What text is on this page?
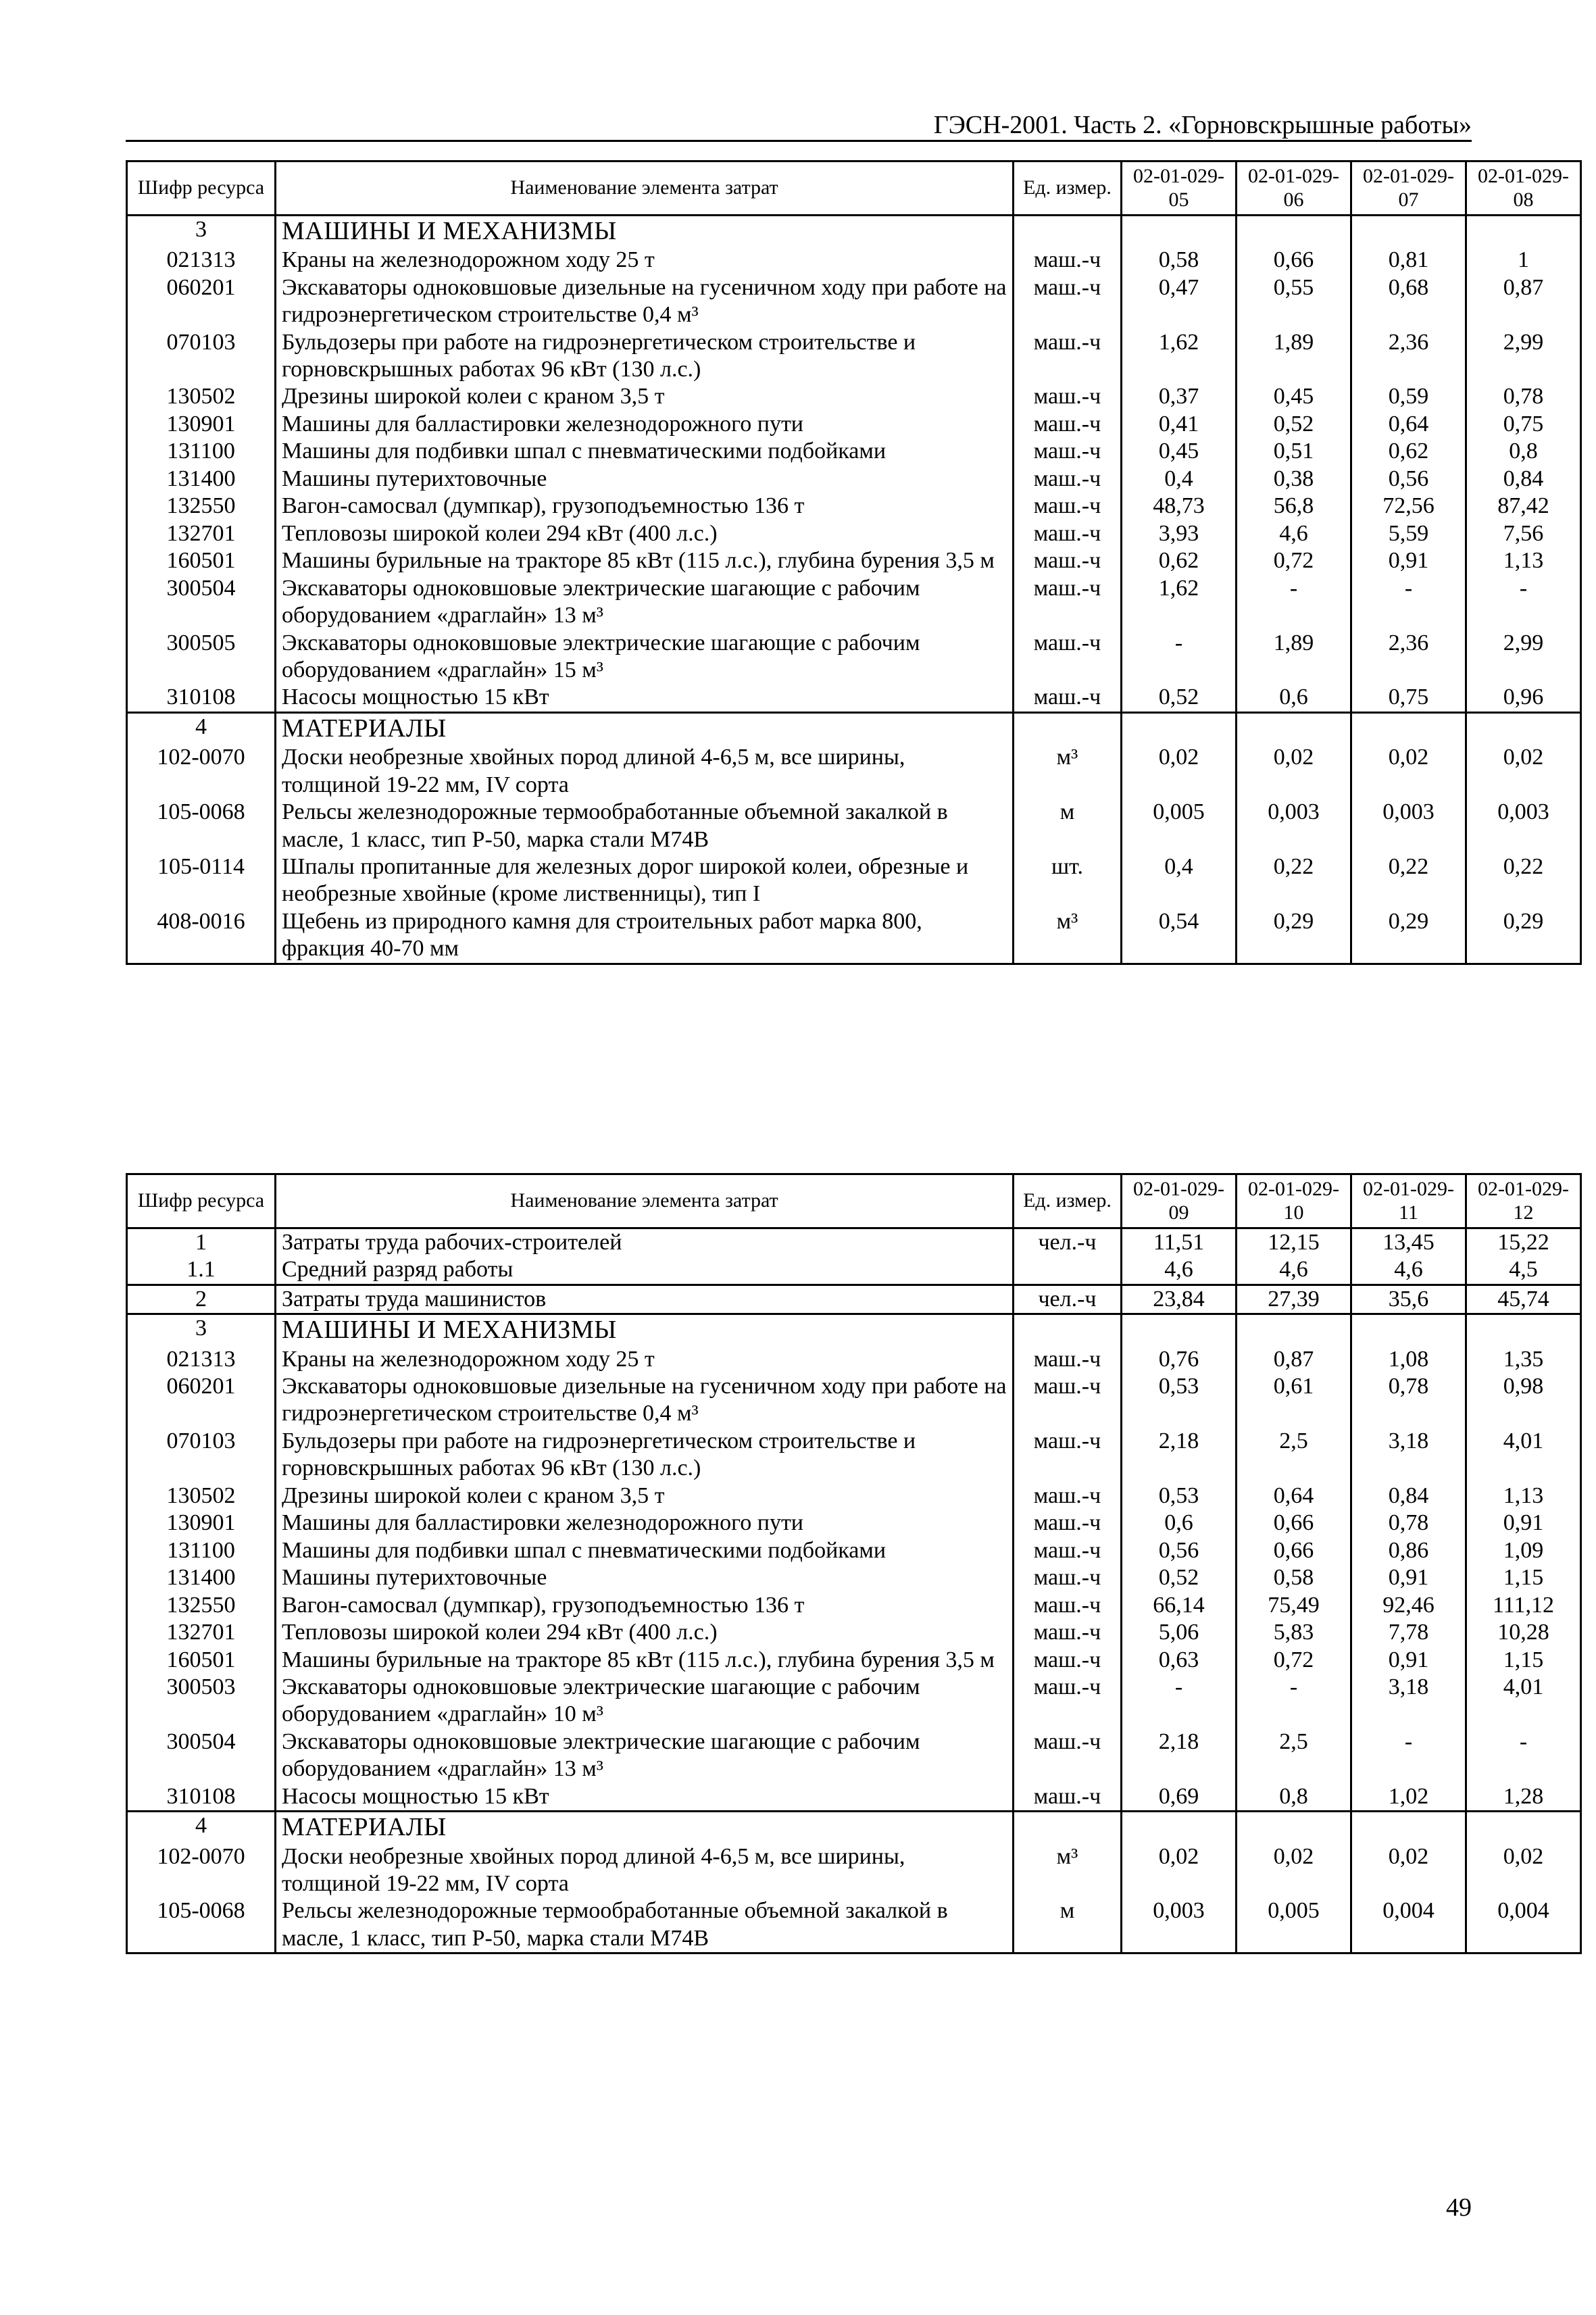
ГЭСН-2001. Часть 2. «Горновскрышные работы»
Шифр ресурса	Наименование элемента затрат	Ед. измер.	02-01-029-05	02-01-029-06	02-01-029-07	02-01-029-08
3	МАШИНЫ И МЕХАНИЗМЫ					
021313	Краны на железнодорожном ходу 25 т	маш.-ч	0,58	0,66	0,81	1
060201	Экскаваторы одноковшовые дизельные на гусеничном ходу при работе на гидроэнергетическом строительстве 0,4 м³	маш.-ч	0,47	0,55	0,68	0,87
070103	Бульдозеры при работе на гидроэнергетическом строительстве и горновскрышных работах 96 кВт (130 л.с.)	маш.-ч	1,62	1,89	2,36	2,99
130502	Дрезины широкой колеи с краном 3,5 т	маш.-ч	0,37	0,45	0,59	0,78
130901	Машины для балластировки железнодорожного пути	маш.-ч	0,41	0,52	0,64	0,75
131100	Машины для подбивки шпал с пневматическими подбойками	маш.-ч	0,45	0,51	0,62	0,8
131400	Машины путерихтовочные	маш.-ч	0,4	0,38	0,56	0,84
132550	Вагон-самосвал (думпкар), грузоподъемностью 136 т	маш.-ч	48,73	56,8	72,56	87,42
132701	Тепловозы широкой колеи 294 кВт (400 л.с.)	маш.-ч	3,93	4,6	5,59	7,56
160501	Машины бурильные на тракторе 85 кВт (115 л.с.), глубина бурения 3,5 м	маш.-ч	0,62	0,72	0,91	1,13
300504	Экскаваторы одноковшовые электрические шагающие с рабочим оборудованием «драглайн» 13 м³	маш.-ч	1,62	-	-	-
300505	Экскаваторы одноковшовые электрические шагающие с рабочим оборудованием «драглайн» 15 м³	маш.-ч	-	1,89	2,36	2,99
310108	Насосы мощностью 15 кВт	маш.-ч	0,52	0,6	0,75	0,96
4	МАТЕРИАЛЫ					
102-0070	Доски необрезные хвойных пород длиной 4-6,5 м, все ширины, толщиной 19-22 мм, IV сорта	м³	0,02	0,02	0,02	0,02
105-0068	Рельсы железнодорожные термообработанные объемной закалкой в масле, 1 класс, тип Р-50, марка стали М74В	м	0,005	0,003	0,003	0,003
105-0114	Шпалы пропитанные для железных дорог широкой колеи, обрезные и необрезные хвойные (кроме лиственницы), тип I	шт.	0,4	0,22	0,22	0,22
408-0016	Щебень из природного камня для строительных работ марка 800, фракция 40-70 мм	м³	0,54	0,29	0,29	0,29
Шифр ресурса	Наименование элемента затрат	Ед. измер.	02-01-029-09	02-01-029-10	02-01-029-11	02-01-029-12
1	Затраты труда рабочих-строителей	чел.-ч	11,51	12,15	13,45	15,22
1.1	Средний разряд работы		4,6	4,6	4,6	4,5
2	Затраты труда машинистов	чел.-ч	23,84	27,39	35,6	45,74
3	МАШИНЫ И МЕХАНИЗМЫ					
021313	Краны на железнодорожном ходу 25 т	маш.-ч	0,76	0,87	1,08	1,35
060201	Экскаваторы одноковшовые дизельные на гусеничном ходу при работе на гидроэнергетическом строительстве 0,4 м³	маш.-ч	0,53	0,61	0,78	0,98
070103	Бульдозеры при работе на гидроэнергетическом строительстве и горновскрышных работах 96 кВт (130 л.с.)	маш.-ч	2,18	2,5	3,18	4,01
130502	Дрезины широкой колеи с краном 3,5 т	маш.-ч	0,53	0,64	0,84	1,13
130901	Машины для балластировки железнодорожного пути	маш.-ч	0,6	0,66	0,78	0,91
131100	Машины для подбивки шпал с пневматическими подбойками	маш.-ч	0,56	0,66	0,86	1,09
131400	Машины путерихтовочные	маш.-ч	0,52	0,58	0,91	1,15
132550	Вагон-самосвал (думпкар), грузоподъемностью 136 т	маш.-ч	66,14	75,49	92,46	111,12
132701	Тепловозы широкой колеи 294 кВт (400 л.с.)	маш.-ч	5,06	5,83	7,78	10,28
160501	Машины бурильные на тракторе 85 кВт (115 л.с.), глубина бурения 3,5 м	маш.-ч	0,63	0,72	0,91	1,15
300503	Экскаваторы одноковшовые электрические шагающие с рабочим оборудованием «драглайн» 10 м³	маш.-ч	-	-	3,18	4,01
300504	Экскаваторы одноковшовые электрические шагающие с рабочим оборудованием «драглайн» 13 м³	маш.-ч	2,18	2,5	-	-
310108	Насосы мощностью 15 кВт	маш.-ч	0,69	0,8	1,02	1,28
4	МАТЕРИАЛЫ					
102-0070	Доски необрезные хвойных пород длиной 4-6,5 м, все ширины, толщиной 19-22 мм, IV сорта	м³	0,02	0,02	0,02	0,02
105-0068	Рельсы железнодорожные термообработанные объемной закалкой в масле, 1 класс, тип Р-50, марка стали М74В	м	0,003	0,005	0,004	0,004
49
